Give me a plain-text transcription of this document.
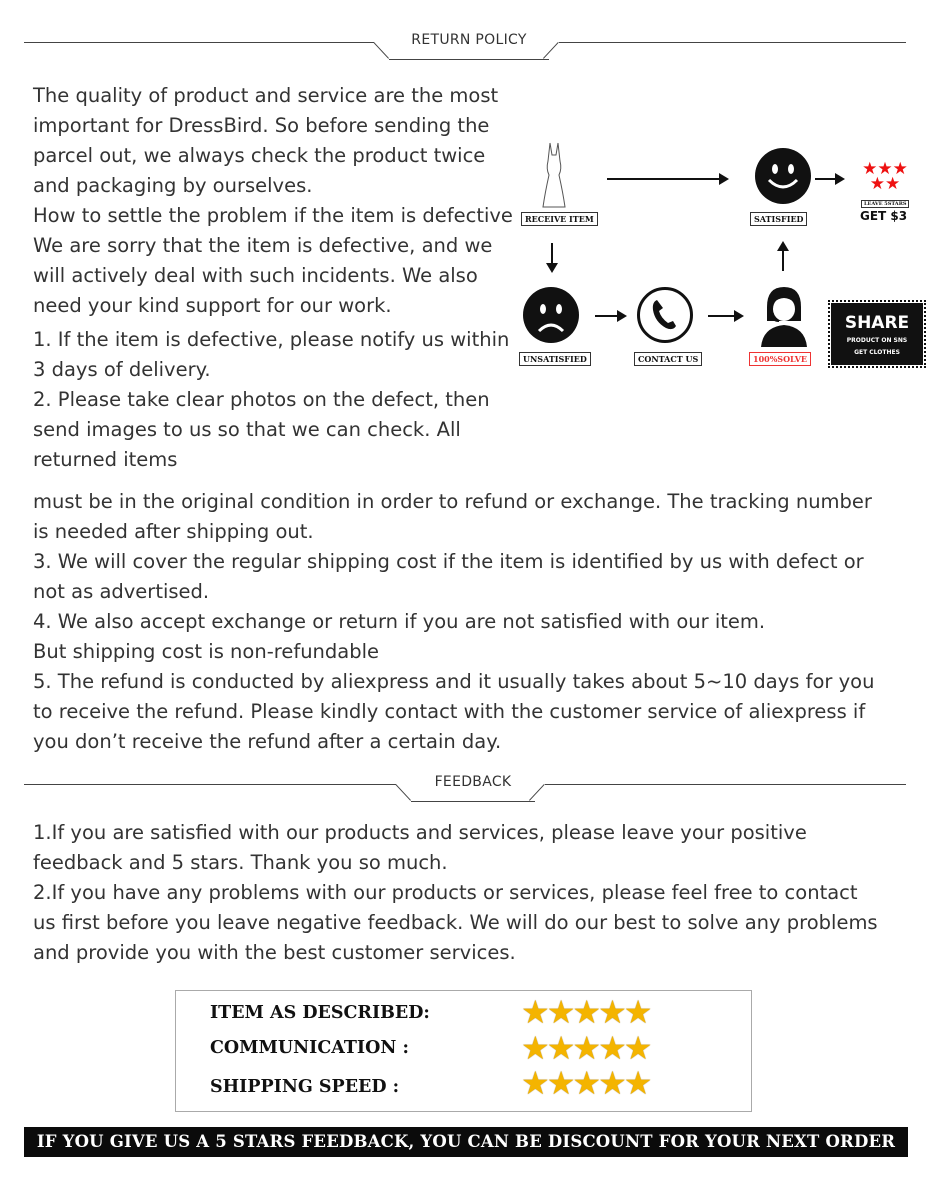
RETURN POLICY

The quality of product and service are the most

important for DressBird. So before sending the

parcel out, we always check the product twice

and packaging by ourselves.

How to settle the problem if the item is defective

We are sorry that the item is defective, and we

will actively deal with such incidents. We also

need your kind support for our work.

1. If the item is defective, please notify us within

3 days of delivery.

2. Please take clear photos on the defect, then

send images to us so that we can check. All

returned items

RECEIVE ITEM	SATISFIED
★★★
★★
LEAVE 5STARS
GET $3
UNSATISFIED	CONTACT US	100%SOLVE
SHARE
PRODUCT ON SNS
GET CLOTHES

must be in the original condition in order to refund or exchange. The tracking number

is needed after shipping out.

3. We will cover the regular shipping cost if the item is identified by us with defect or

not as advertised.

4. We also accept exchange or return if you are not satisfied with our item.

But shipping cost is non-refundable

5. The refund is conducted by aliexpress and it usually takes about 5~10 days for you

to receive the refund. Please kindly contact with the customer service of aliexpress if

you don’t receive the refund after a certain day.

FEEDBACK

1.If you are satisfied with our products and services, please leave your positive

feedback and 5 stars. Thank you so much.

2.If you have any problems with our products or services, please feel free to contact

us first before you leave negative feedback. We will do our best to solve any problems

and provide you with the best customer services.

ITEM AS DESCRIBED:	★★★★★
COMMUNICATION :	★★★★★
SHIPPING SPEED :	★★★★★
IF YOU GIVE US A 5 STARS FEEDBACK, YOU CAN BE DISCOUNT FOR YOUR NEXT ORDER
